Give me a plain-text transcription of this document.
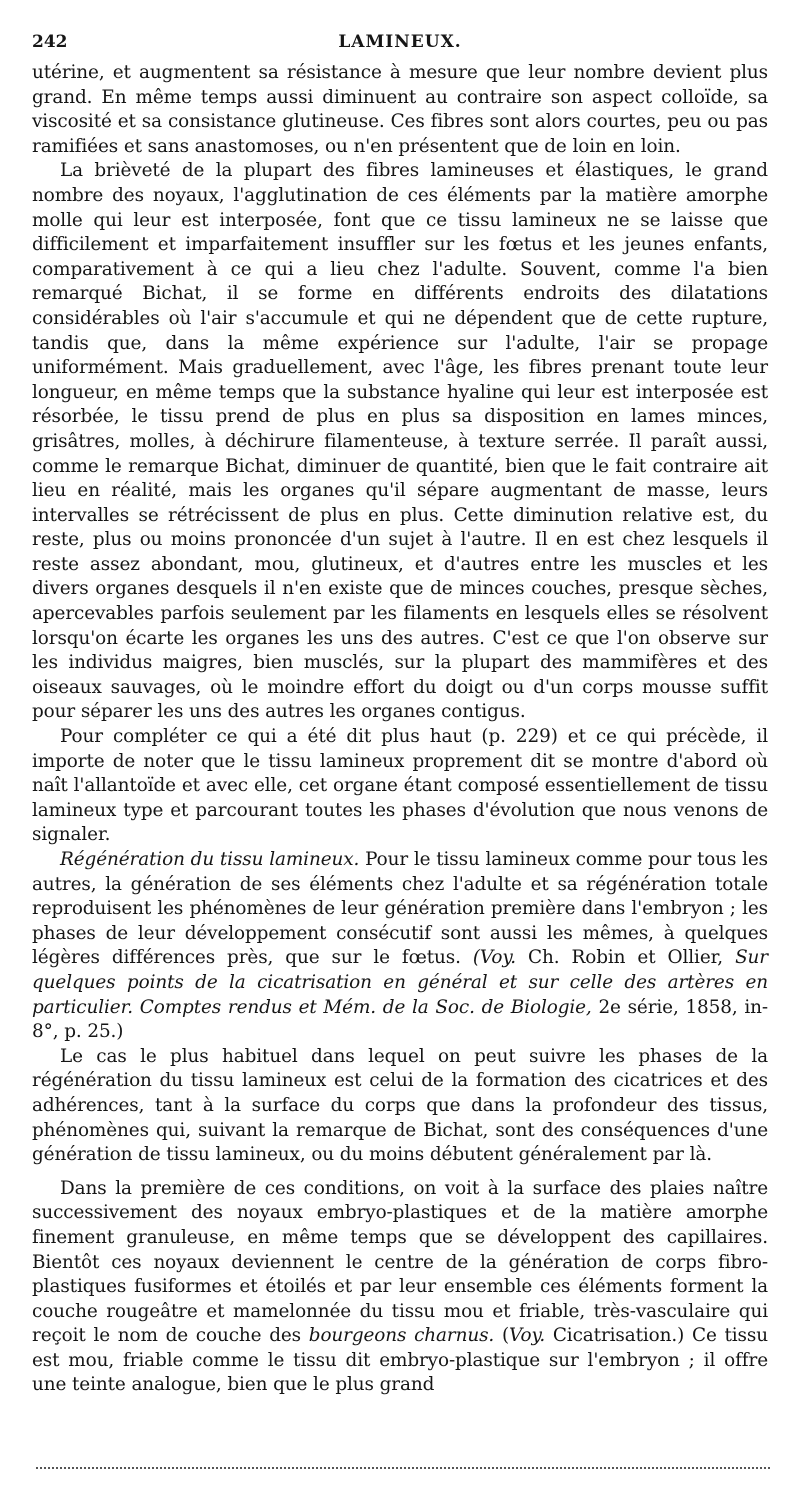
242	LAMINEUX.

utérine, et augmentent sa résistance à mesure que leur nombre devient plus grand. En même temps aussi diminuent au contraire son aspect colloïde, sa viscosité et sa consistance glutineuse. Ces fibres sont alors courtes, peu ou pas ramifiées et sans anastomoses, ou n'en présentent que de loin en loin.

La brièveté de la plupart des fibres lamineuses et élastiques, le grand nombre des noyaux, l'agglutination de ces éléments par la matière amorphe molle qui leur est interposée, font que ce tissu lamineux ne se laisse que difficilement et imparfaitement insuffler sur les fœtus et les jeunes enfants, comparativement à ce qui a lieu chez l'adulte. Souvent, comme l'a bien remarqué Bichat, il se forme en différents endroits des dilatations considérables où l'air s'accumule et qui ne dépendent que de cette rupture, tandis que, dans la même expérience sur l'adulte, l'air se propage uniformément. Mais graduellement, avec l'âge, les fibres prenant toute leur longueur, en même temps que la substance hyaline qui leur est interposée est résorbée, le tissu prend de plus en plus sa disposition en lames minces, grisâtres, molles, à déchirure filamenteuse, à texture serrée. Il paraît aussi, comme le remarque Bichat, diminuer de quantité, bien que le fait contraire ait lieu en réalité, mais les organes qu'il sépare augmentant de masse, leurs intervalles se rétrécissent de plus en plus. Cette diminution relative est, du reste, plus ou moins prononcée d'un sujet à l'autre. Il en est chez lesquels il reste assez abondant, mou, glutineux, et d'autres entre les muscles et les divers organes desquels il n'en existe que de minces couches, presque sèches, apercevables parfois seulement par les filaments en lesquels elles se résolvent lorsqu'on écarte les organes les uns des autres. C'est ce que l'on observe sur les individus maigres, bien musclés, sur la plupart des mammifères et des oiseaux sauvages, où le moindre effort du doigt ou d'un corps mousse suffit pour séparer les uns des autres les organes contigus.

Pour compléter ce qui a été dit plus haut (p. 229) et ce qui précède, il importe de noter que le tissu lamineux proprement dit se montre d'abord où naît l'allantoïde et avec elle, cet organe étant composé essentiellement de tissu lamineux type et parcourant toutes les phases d'évolution que nous venons de signaler.

Régénération du tissu lamineux. Pour le tissu lamineux comme pour tous les autres, la génération de ses éléments chez l'adulte et sa régénération totale reproduisent les phénomènes de leur génération première dans l'embryon ; les phases de leur développement consécutif sont aussi les mêmes, à quelques légères différences près, que sur le fœtus. (Voy. Ch. Robin et Ollier, Sur quelques points de la cicatrisation en général et sur celle des artères en particulier. Comptes rendus et Mém. de la Soc. de Biologie, 2e série, 1858, in-8°, p. 25.)

Le cas le plus habituel dans lequel on peut suivre les phases de la régénération du tissu lamineux est celui de la formation des cicatrices et des adhérences, tant à la surface du corps que dans la profondeur des tissus, phénomènes qui, suivant la remarque de Bichat, sont des conséquences d'une génération de tissu lamineux, ou du moins débutent généralement par là.

Dans la première de ces conditions, on voit à la surface des plaies naître successivement des noyaux embryo-plastiques et de la matière amorphe finement granuleuse, en même temps que se développent des capillaires. Bientôt ces noyaux deviennent le centre de la génération de corps fibro-plastiques fusiformes et étoilés et par leur ensemble ces éléments forment la couche rougeâtre et mamelonnée du tissu mou et friable, très-vasculaire qui reçoit le nom de couche des bourgeons charnus. (Voy. Cicatrisation.) Ce tissu est mou, friable comme le tissu dit embryo-plastique sur l'embryon ; il offre une teinte analogue, bien que le plus grand
